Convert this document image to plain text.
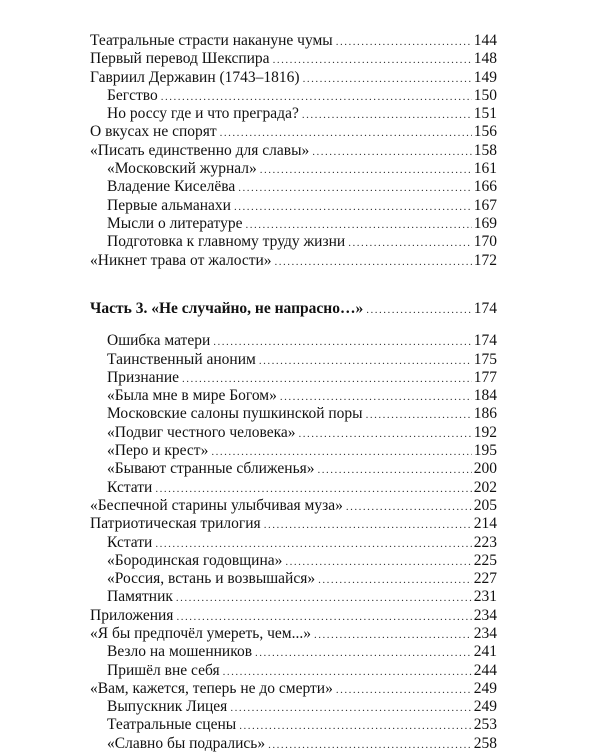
Театральные страсти накануне чумы .....	144
Первый перевод Шекспира .....	148
Гавриил Державин (1743–1816) .....	149
Бегство .....	150
Но россу где и что преграда? .....	151
О вкусах не спорят .....	156
«Писать единственно для славы» .....	158
«Московский журнал» .....	161
Владение Киселёва .....	166
Первые альманахи .....	167
Мысли о литературе .....	169
Подготовка к главному труду жизни .....	170
«Никнет трава от жалости» .....	172
Часть 3. «Не случайно, не напрасно…» .....	174
Ошибка матери .....	174
Таинственный аноним .....	175
Признание .....	177
«Была мне в мире Богом» .....	184
Московские салоны пушкинской поры .....	186
«Подвиг честного человека» .....	192
«Перо и крест» .....	195
«Бывают странные сближенья» .....	200
Кстати .....	202
«Беспечной старины улыбчивая муза» .....	205
Патриотическая трилогия .....	214
Кстати .....	223
«Бородинская годовщина» .....	225
«Россия, встань и возвышайся» .....	227
Памятник .....	231
Приложения .....	234
«Я бы предпочёл умереть, чем...» .....	234
Везло на мошенников .....	241
Пришёл вне себя .....	244
«Вам, кажется, теперь не до смерти» .....	249
Выпускник Лицея .....	249
Театральные сцены .....	253
«Славно бы подрались» .....	258
